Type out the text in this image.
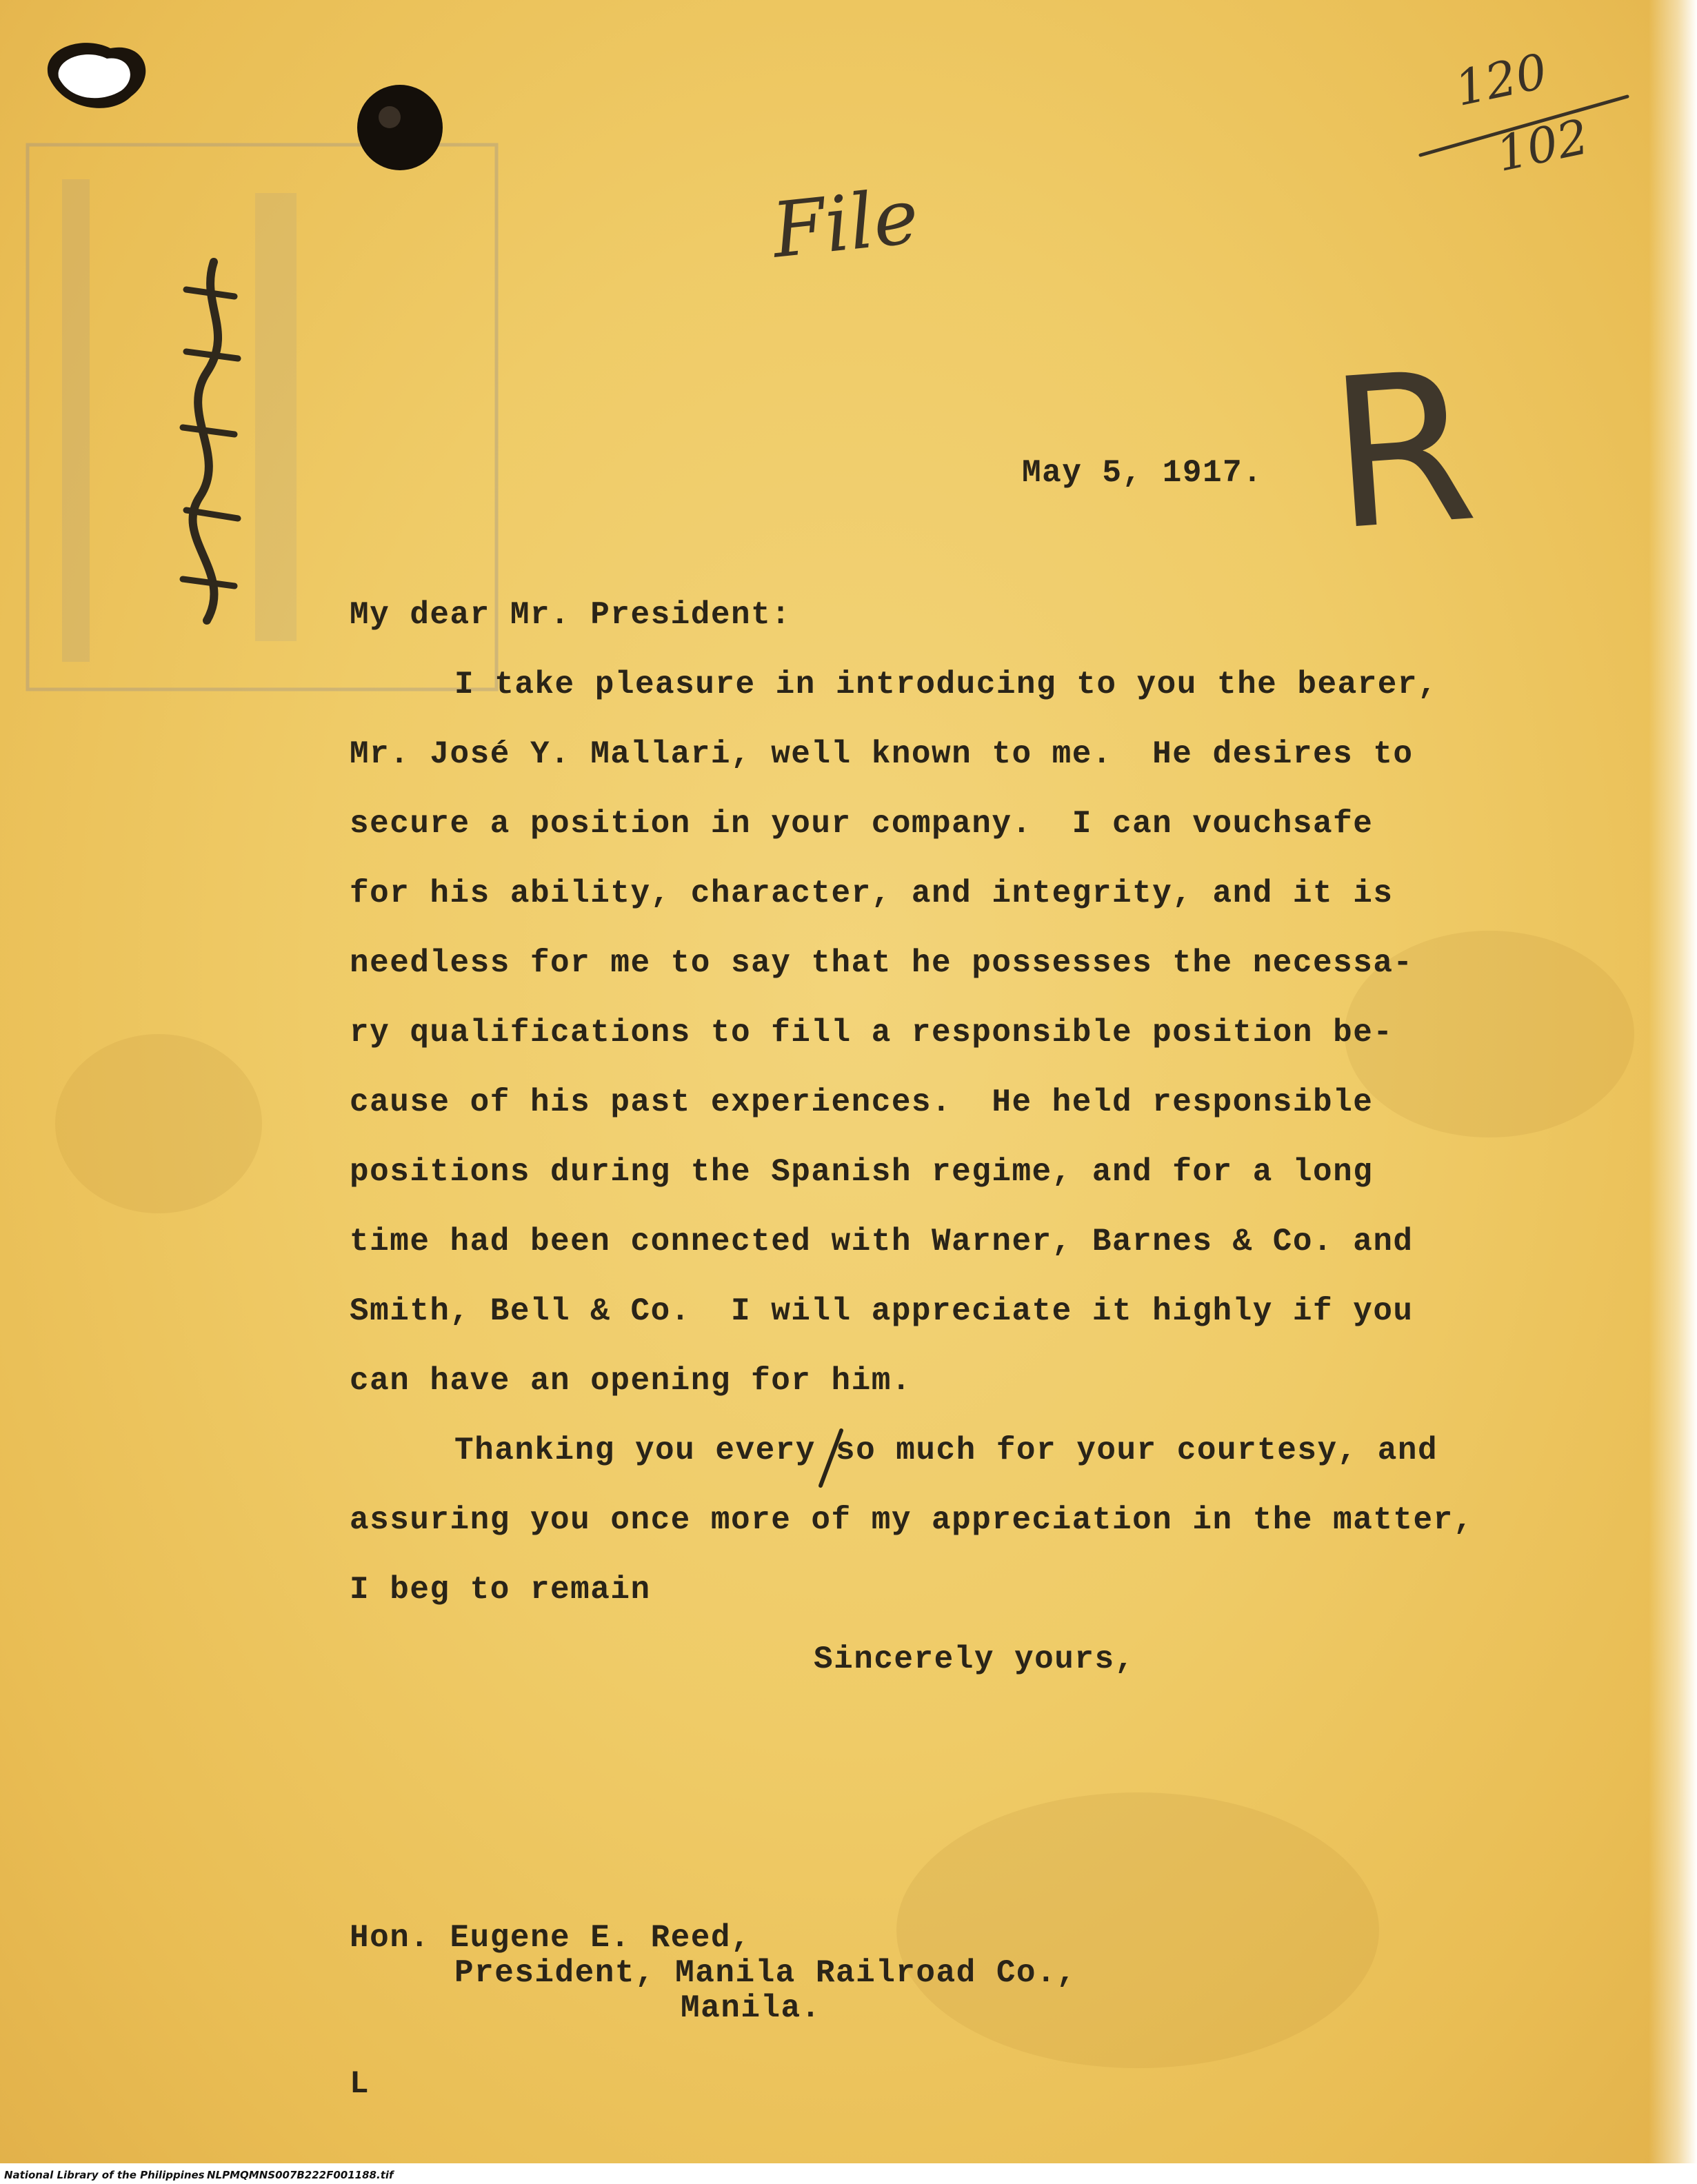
File
120
102
R
May 5, 1917.
My dear Mr. President:
I take pleasure in introducing to you the bearer,
Mr. José Y. Mallari, well known to me.  He desires to
secure a position in your company.  I can vouchsafe
for his ability, character, and integrity, and it is
needless for me to say that he possesses the necessa-
ry qualifications to fill a responsible position be-
cause of his past experiences.  He held responsible
positions during the Spanish regime, and for a long
time had been connected with Warner, Barnes & Co. and
Smith, Bell & Co.  I will appreciate it highly if you
can have an opening for him.
Thanking you every so much for your courtesy, and
assuring you once more of my appreciation in the matter,
I beg to remain
Sincerely yours,
Hon. Eugene E. Reed,
President, Manila Railroad Co.,
Manila.
L
National Library of the Philippines NLPMQMNS007B222F001188.tif
